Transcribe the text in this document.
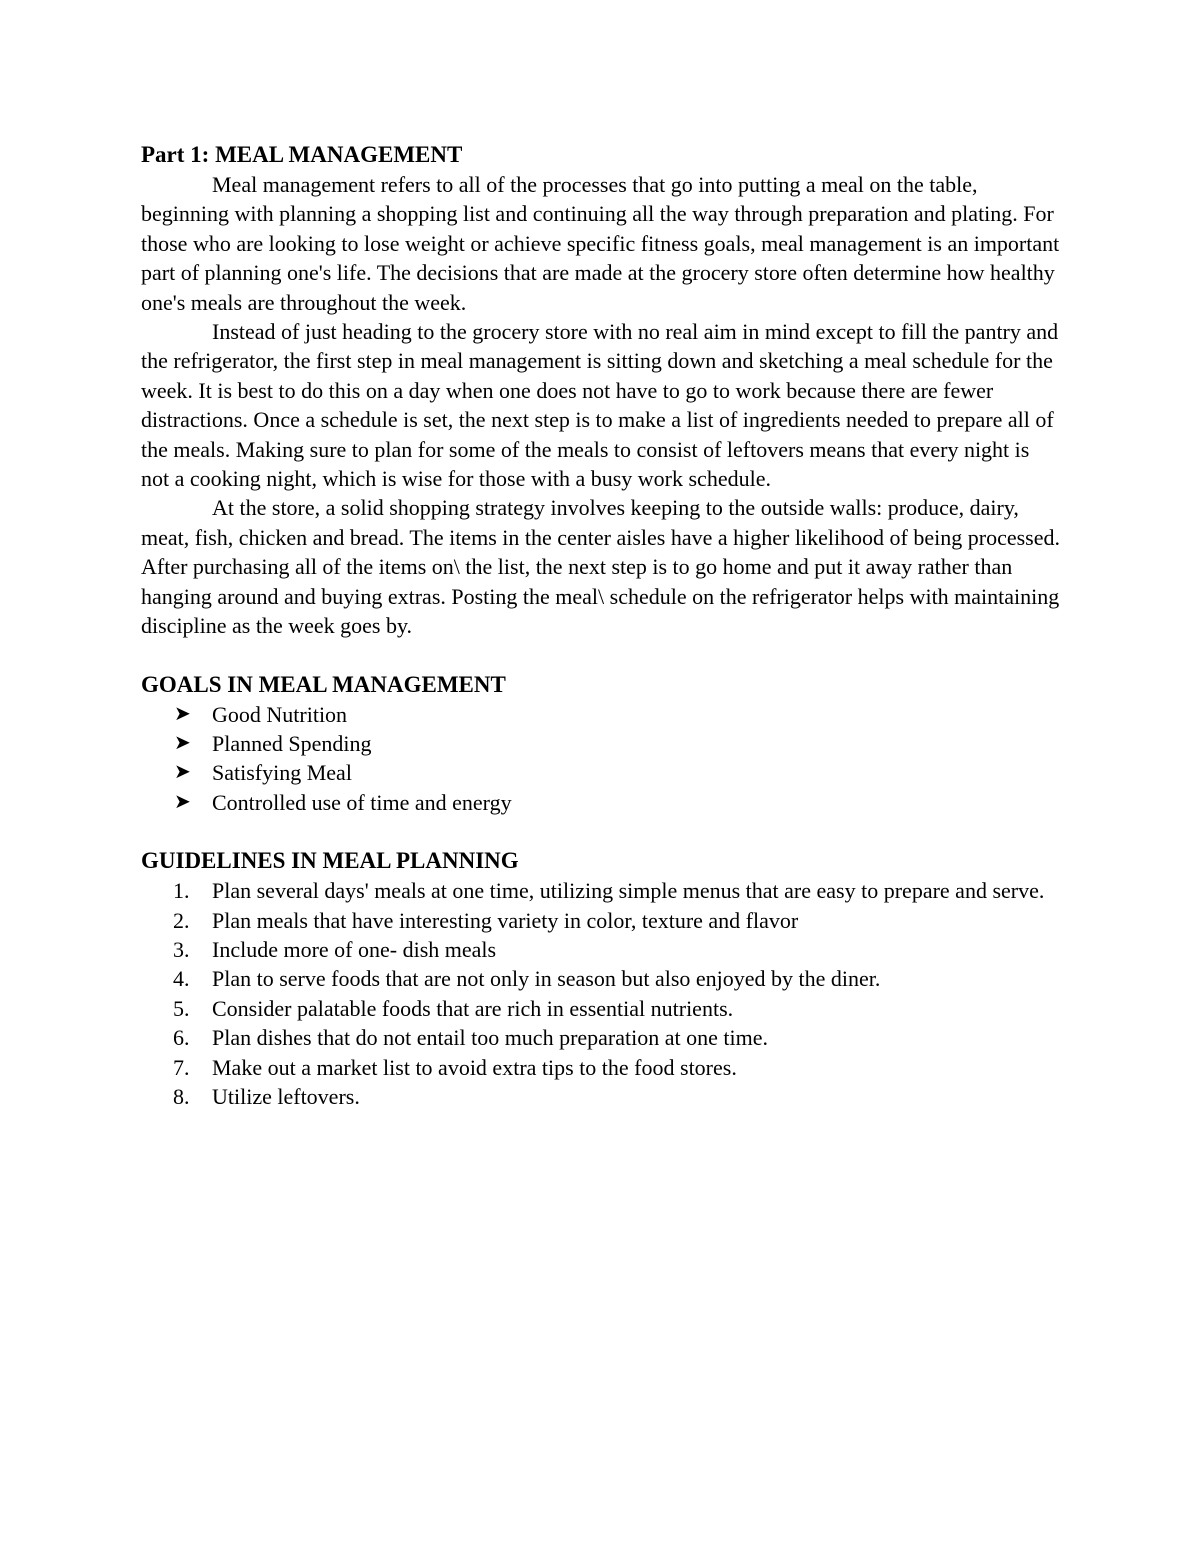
Part 1: MEAL MANAGEMENT

Meal management refers to all of the processes that go into putting a meal on the table, beginning with planning a shopping list and continuing all the way through preparation and plating. For those who are looking to lose weight or achieve specific fitness goals, meal management is an important part of planning one's life. The decisions that are made at the grocery store often determine how healthy one's meals are throughout the week.

Instead of just heading to the grocery store with no real aim in mind except to fill the pantry and the refrigerator, the first step in meal management is sitting down and sketching a meal schedule for the week. It is best to do this on a day when one does not have to go to work because there are fewer distractions. Once a schedule is set, the next step is to make a list of ingredients needed to prepare all of the meals. Making sure to plan for some of the meals to consist of leftovers means that every night is not a cooking night, which is wise for those with a busy work schedule.

At the store, a solid shopping strategy involves keeping to the outside walls: produce, dairy, meat, fish, chicken and bread. The items in the center aisles have a higher likelihood of being processed. After purchasing all of the items on\ the list, the next step is to go home and put it away rather than hanging around and buying extras. Posting the meal\ schedule on the refrigerator helps with maintaining discipline as the week goes by.

GOALS IN MEAL MANAGEMENT
➤ Good Nutrition
➤ Planned Spending
➤ Satisfying Meal
➤ Controlled use of time and energy
GUIDELINES IN MEAL PLANNING
1. Plan several days' meals at one time, utilizing simple menus that are easy to prepare and serve.
2. Plan meals that have interesting variety in color, texture and flavor
3. Include more of one- dish meals
4. Plan to serve foods that are not only in season but also enjoyed by the diner.
5. Consider palatable foods that are rich in essential nutrients.
6. Plan dishes that do not entail too much preparation at one time.
7. Make out a market list to avoid extra tips to the food stores.
8. Utilize leftovers.
